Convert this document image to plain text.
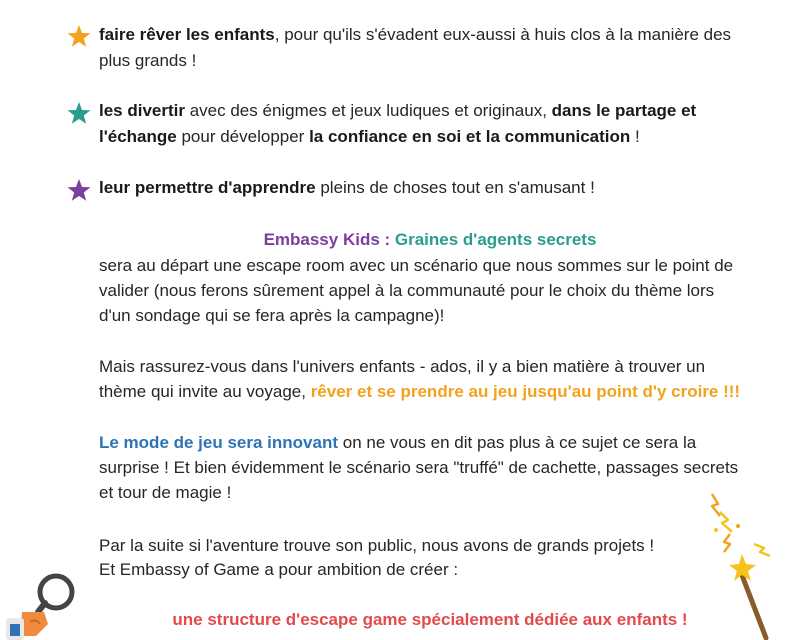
faire rêver les enfants, pour qu'ils s'évadent eux-aussi à huis clos à la manière des
plus grands !
les divertir avec des énigmes et jeux ludiques et originaux, dans le partage et
l'échange pour développer la confiance en soi et la communication !
leur permettre d'apprendre pleins de choses tout en s'amusant !
Embassy Kids : Graines d'agents secrets
sera au départ une escape room avec un scénario que nous sommes sur le point de
valider (nous ferons sûrement appel à la communauté pour le choix du thème lors
d'un sondage qui se fera après la campagne)!
Mais rassurez-vous dans l'univers enfants - ados, il y a bien matière à trouver un
thème qui invite au voyage, rêver et se prendre au jeu jusqu'au point d'y croire !!!
Le mode de jeu sera innovant on ne vous en dit pas plus à ce sujet ce sera la
surprise ! Et bien évidemment le scénario sera "truffé" de cachette, passages secrets
et tour de magie !
Par la suite si l'aventure trouve son public, nous avons de grands projets !
Et Embassy of Game a pour ambition de créer :
une structure d'escape game spécialement dédiée aux enfants !
